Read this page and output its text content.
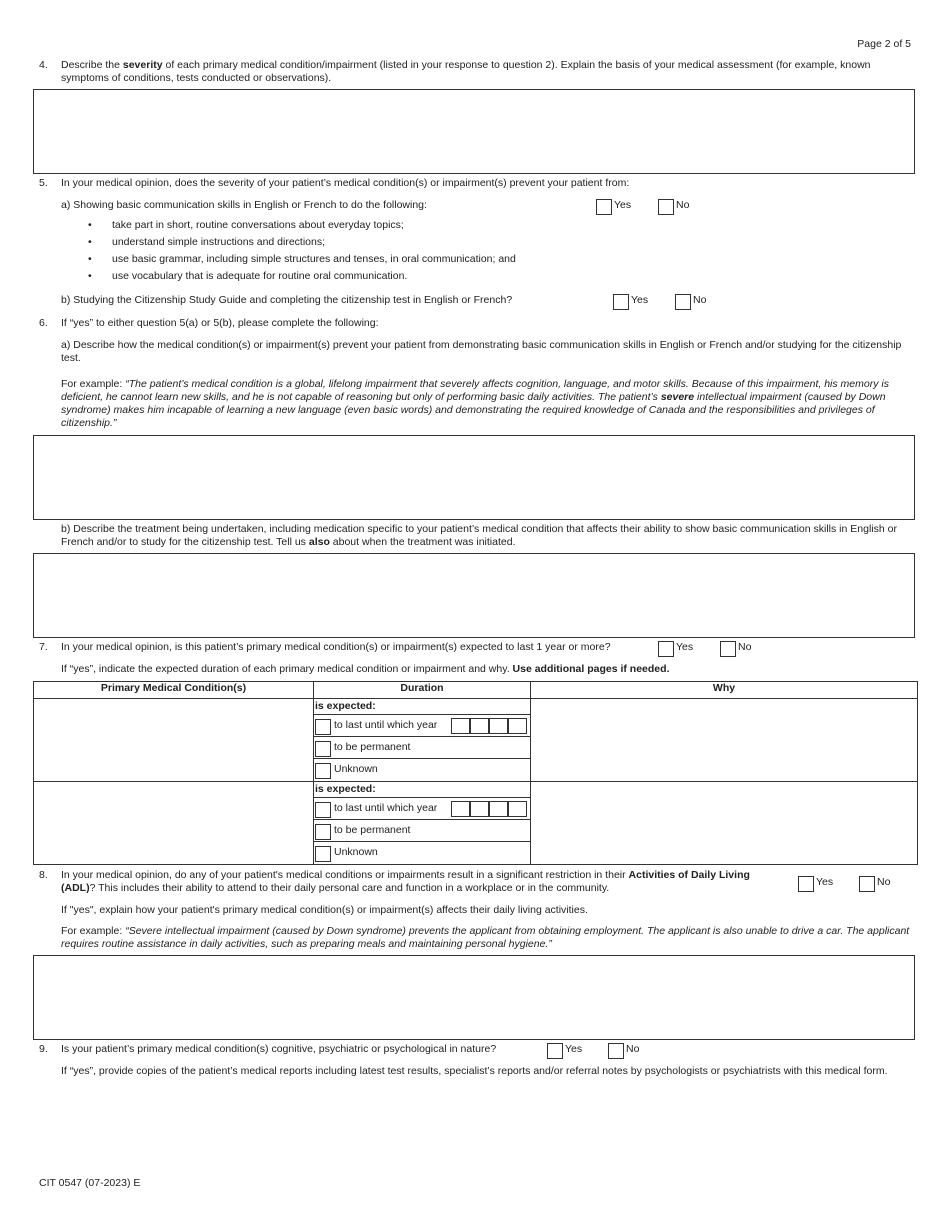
Page 2 of 5
4. Describe the severity of each primary medical condition/impairment (listed in your response to question 2). Explain the basis of your medical assessment (for example, known symptoms of conditions, tests conducted or observations).
5. In your medical opinion, does the severity of your patient’s medical condition(s) or impairment(s) prevent your patient from:
a) Showing basic communication skills in English or French to do the following:	Yes	No
• take part in short, routine conversations about everyday topics;
• understand simple instructions and directions;
• use basic grammar, including simple structures and tenses, in oral communication; and
• use vocabulary that is adequate for routine oral communication.
b) Studying the Citizenship Study Guide and completing the citizenship test in English or French?	Yes	No
6. If “yes” to either question 5(a) or 5(b), please complete the following:
a) Describe how the medical condition(s) or impairment(s) prevent your patient from demonstrating basic communication skills in English or French and/or studying for the citizenship test.
For example: “The patient’s medical condition is a global, lifelong impairment that severely affects cognition, language, and motor skills. Because of this impairment, his memory is deficient, he cannot learn new skills, and he is not capable of reasoning but only of performing basic daily activities. The patient’s severe intellectual impairment (caused by Down syndrome) makes him incapable of learning a new language (even basic words) and demonstrating the required knowledge of Canada and the responsibilities and privileges of citizenship.”
b) Describe the treatment being undertaken, including medication specific to your patient’s medical condition that affects their ability to show basic communication skills in English or French and/or to study for the citizenship test. Tell us also about when the treatment was initiated.
7. In your medical opinion, is this patient’s primary medical condition(s) or impairment(s) expected to last 1 year or more?	Yes	No
If “yes”, indicate the expected duration of each primary medical condition or impairment and why. Use additional pages if needed.
Primary Medical Condition(s)	Duration	Why

	is expected:
to last until which year
to be permanent
Unknown	

	is expected:
to last until which year
to be permanent
Unknown	

8. In your medical opinion, do any of your patient's medical conditions or impairments result in a significant restriction in their Activities of Daily Living (ADL)? This includes their ability to attend to their daily personal care and function in a workplace or in the community.	Yes	No
If "yes", explain how your patient's primary medical condition(s) or impairment(s) affects their daily living activities.
For example: “Severe intellectual impairment (caused by Down syndrome) prevents the applicant from obtaining employment. The applicant is also unable to drive a car. The applicant requires routine assistance in daily activities, such as preparing meals and maintaining personal hygiene.”
9. Is your patient’s primary medical condition(s) cognitive, psychiatric or psychological in nature?	Yes	No
If “yes”, provide copies of the patient’s medical reports including latest test results, specialist’s reports and/or referral notes by psychologists or psychiatrists with this medical form.
CIT 0547 (07-2023) E
